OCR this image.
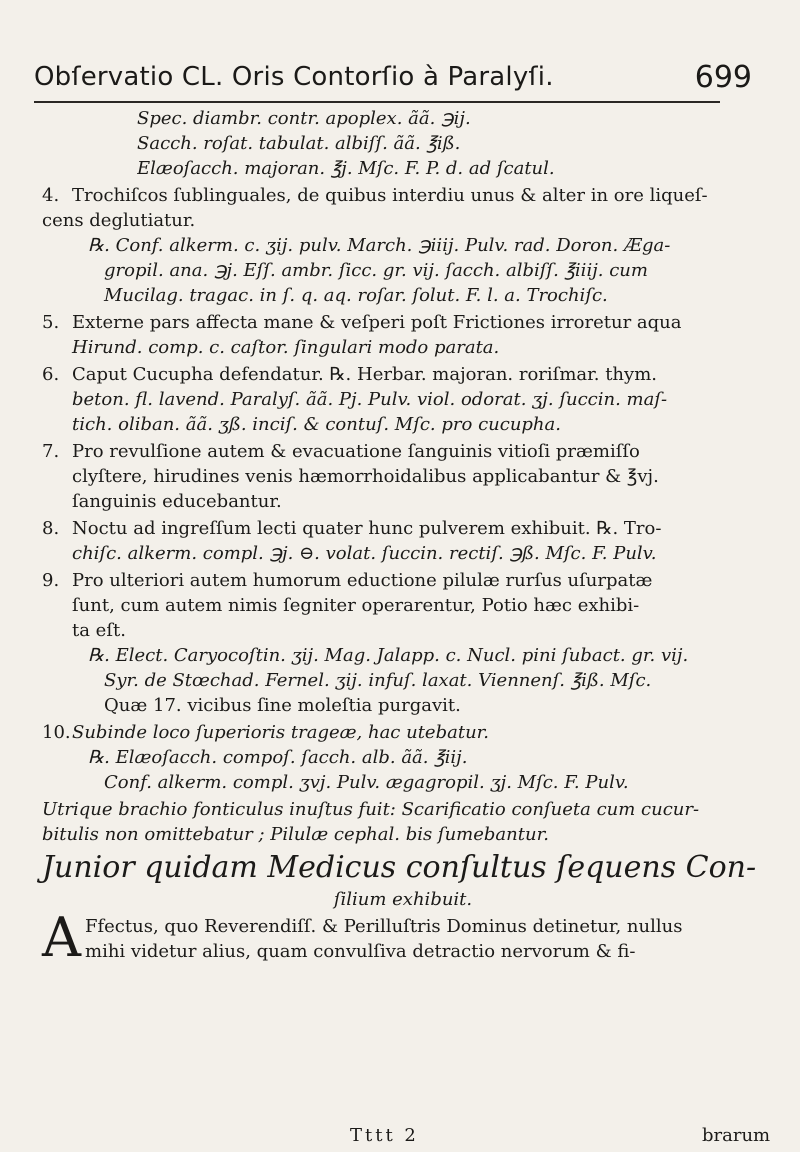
Obſervatio CL. Oris Contorſio à Paralyſi.	699
Spec. diambr. contr. apoplex. ãã. ℈ij.
Sacch. roſat. tabulat. albiſſ. ãã. ℥iß.
Elæoſacch. majoran. ℥j. Mſc. F. P. d. ad ſcatul.
4. Trochiſcos ſublinguales, de quibus interdiu unus & alter in ore liqueſ-
cens deglutiatur.
℞. Conf. alkerm. c. ʒij. pulv. March. ℈iiij. Pulv. rad. Doron. Æga-
gropil. ana. ℈j. Eſſ. ambr. ſicc. gr. vij. ſacch. albiſſ. ℥iiij. cum
Mucilag. tragac. in ſ. q. aq. roſar. ſolut. F. l. a. Trochiſc.
5. Externe pars affecta mane & veſperi poſt Frictiones irroretur aqua
Hirund. comp. c. caſtor. ſingulari modo parata.
6. Caput Cucupha defendatur. ℞. Herbar. majoran. roriſmar. thym.
beton. fl. lavend. Paralyſ. ãã. Pj. Pulv. viol. odorat. ʒj. ſuccin. maſ-
tich. oliban. ãã. ʒß. inciſ. & contuſ. Mſc. pro cucupha.
7. Pro revulſione autem & evacuatione ſanguinis vitioſi præmiſſo
clyſtere, hirudines venis hæmorrhoidalibus applicabantur & ℥vj.
ſanguinis educebantur.
8. Noctu ad ingreſſum lecti quater hunc pulverem exhibuit. ℞. Tro-
chiſc. alkerm. compl. ℈j. ⊖. volat. ſuccin. rectiſ. ℈ß. Mſc. F. Pulv.
9. Pro ulteriori autem humorum eductione pilulæ rurſus uſurpatæ
ſunt, cum autem nimis ſegniter operarentur, Potio hæc exhibi-
ta eſt.
℞. Elect. Caryocoſtin. ʒij. Mag. Jalapp. c. Nucl. pini ſubact. gr. vij.
Syr. de Stœchad. Fernel. ʒij. infuſ. laxat. Viennenſ. ℥iß. Mſc.
Quæ 17. vicibus ſine moleſtia purgavit.
10.Subinde loco ſuperioris trageæ, hac utebatur.
℞. Elæoſacch. compoſ. ſacch. alb. ãã. ℥iij.
Conf. alkerm. compl. ʒvj. Pulv. ægagropil. ʒj. Mſc. F. Pulv.
Utrique brachio fonticulus inuſtus fuit: Scarificatio conſueta cum cucur-
bitulis non omittebatur ; Pilulæ cephal. bis ſumebantur.
Junior quidam Medicus conſultus ſequens Con-
ſilium exhibuit.
A Ffectus, quo Reverendiſſ. & Perilluſtris Dominus detinetur, nullus
mihi videtur alius, quam convulſiva detractio nervorum & fi-
Tttt 2	brarum
